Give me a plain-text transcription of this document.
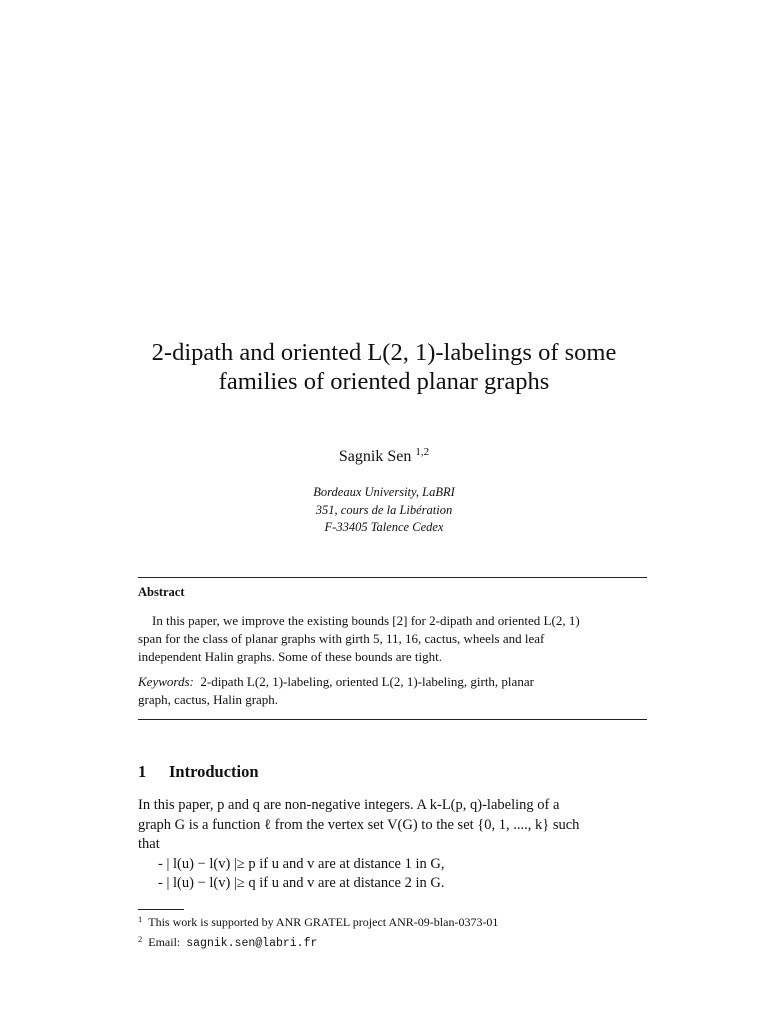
2-dipath and oriented L(2, 1)-labelings of some
families of oriented planar graphs
Sagnik Sen $^{1,2}$
Bordeaux University, LaBRI
351, cours de la Libération
F-33405 Talence Cedex
Abstract
In this paper, we improve the existing bounds [2] for 2-dipath and oriented L(2, 1)
span for the class of planar graphs with girth 5, 11, 16, cactus, wheels and leaf
independent Halin graphs. Some of these bounds are tight.
Keywords: 2-dipath L(2, 1)-labeling, oriented L(2, 1)-labeling, girth, planar
graph, cactus, Halin graph.
1 Introduction
In this paper, p and q are non-negative integers. A k-L(p, q)-labeling of a
graph G is a function ℓ from the vertex set V(G) to the set {0, 1, ...., k} such
that
- | l(u) − l(v) |≥ p if u and v are at distance 1 in G,
- | l(u) − l(v) |≥ q if u and v are at distance 2 in G.
$^1$ This work is supported by ANR GRATEL project ANR-09-blan-0373-01
$^2$ Email: sagnik.sen@labri.fr
